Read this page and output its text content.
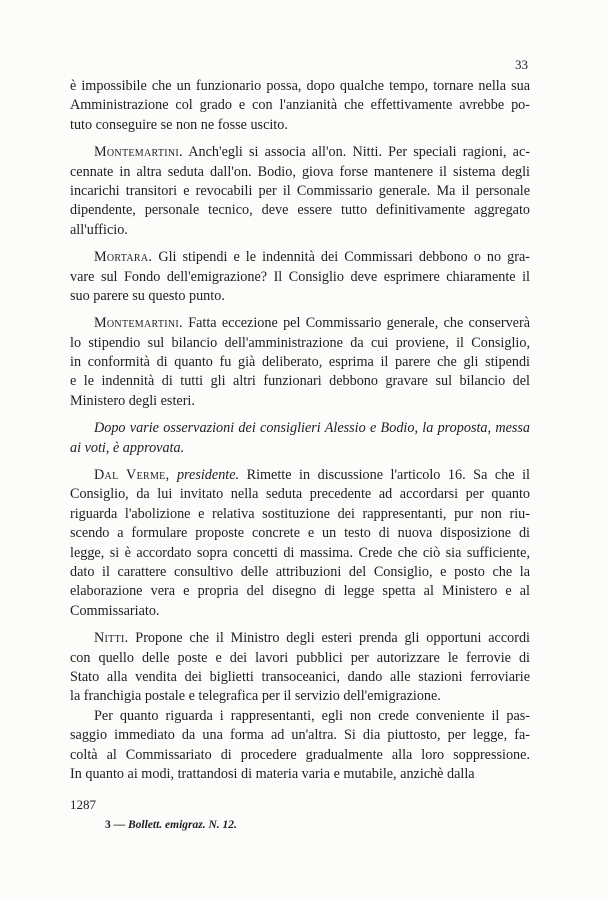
33
è impossibile che un funzionario possa, dopo qualche tempo, tornare nella sua
Amministrazione col grado e con l'anzianità che effettivamente avrebbe po-
tuto conseguire se non ne fosse uscito.
Montemartini. Anch'egli si associa all'on. Nitti. Per speciali ragioni, ac-
cennate in altra seduta dall'on. Bodio, giova forse mantenere il sistema degli
incarichi transitori e revocabili per il Commissario generale. Ma il personale
dipendente, personale tecnico, deve essere tutto definitivamente aggregato
all'ufficio.
Mortara. Gli stipendi e le indennità dei Commissari debbono o no gra-
vare sul Fondo dell'emigrazione? Il Consiglio deve esprimere chiaramente il
suo parere su questo punto.
Montemartini. Fatta eccezione pel Commissario generale, che conserverà
lo stipendio sul bilancio dell'amministrazione da cui proviene, il Consiglio,
in conformità di quanto fu già deliberato, esprima il parere che gli stipendi
e le indennità di tutti gli altri funzionari debbono gravare sul bilancio del
Ministero degli esteri.
Dopo varie osservazioni dei consiglieri Alessio e Bodio, la proposta, messa
ai voti, è approvata.
Dal Verme, presidente. Rimette in discussione l'articolo 16. Sa che il
Consiglio, da lui invitato nella seduta precedente ad accordarsi per quanto
riguarda l'abolizione e relativa sostituzione dei rappresentanti, pur non riu-
scendo a formulare proposte concrete e un testo di nuova disposizione di
legge, si è accordato sopra concetti di massima. Crede che ciò sia sufficiente,
dato il carattere consultivo delle attribuzioni del Consiglio, e posto che la
elaborazione vera e propria del disegno di legge spetta al Ministero e al
Commissariato.
Nitti. Propone che il Ministro degli esteri prenda gli opportuni accordi
con quello delle poste e dei lavori pubblici per autorizzare le ferrovie di
Stato alla vendita dei biglietti transoceanici, dando alle stazioni ferroviarie
la franchigia postale e telegrafica per il servizio dell'emigrazione.
Per quanto riguarda i rappresentanti, egli non crede conveniente il pas-
saggio immediato da una forma ad un'altra. Si dia piuttosto, per legge, fa-
coltà al Commissariato di procedere gradualmente alla loro soppressione.
In quanto ai modi, trattandosi di materia varia e mutabile, anzichè dalla
1287
3 — Bollett. emigraz. N. 12.
